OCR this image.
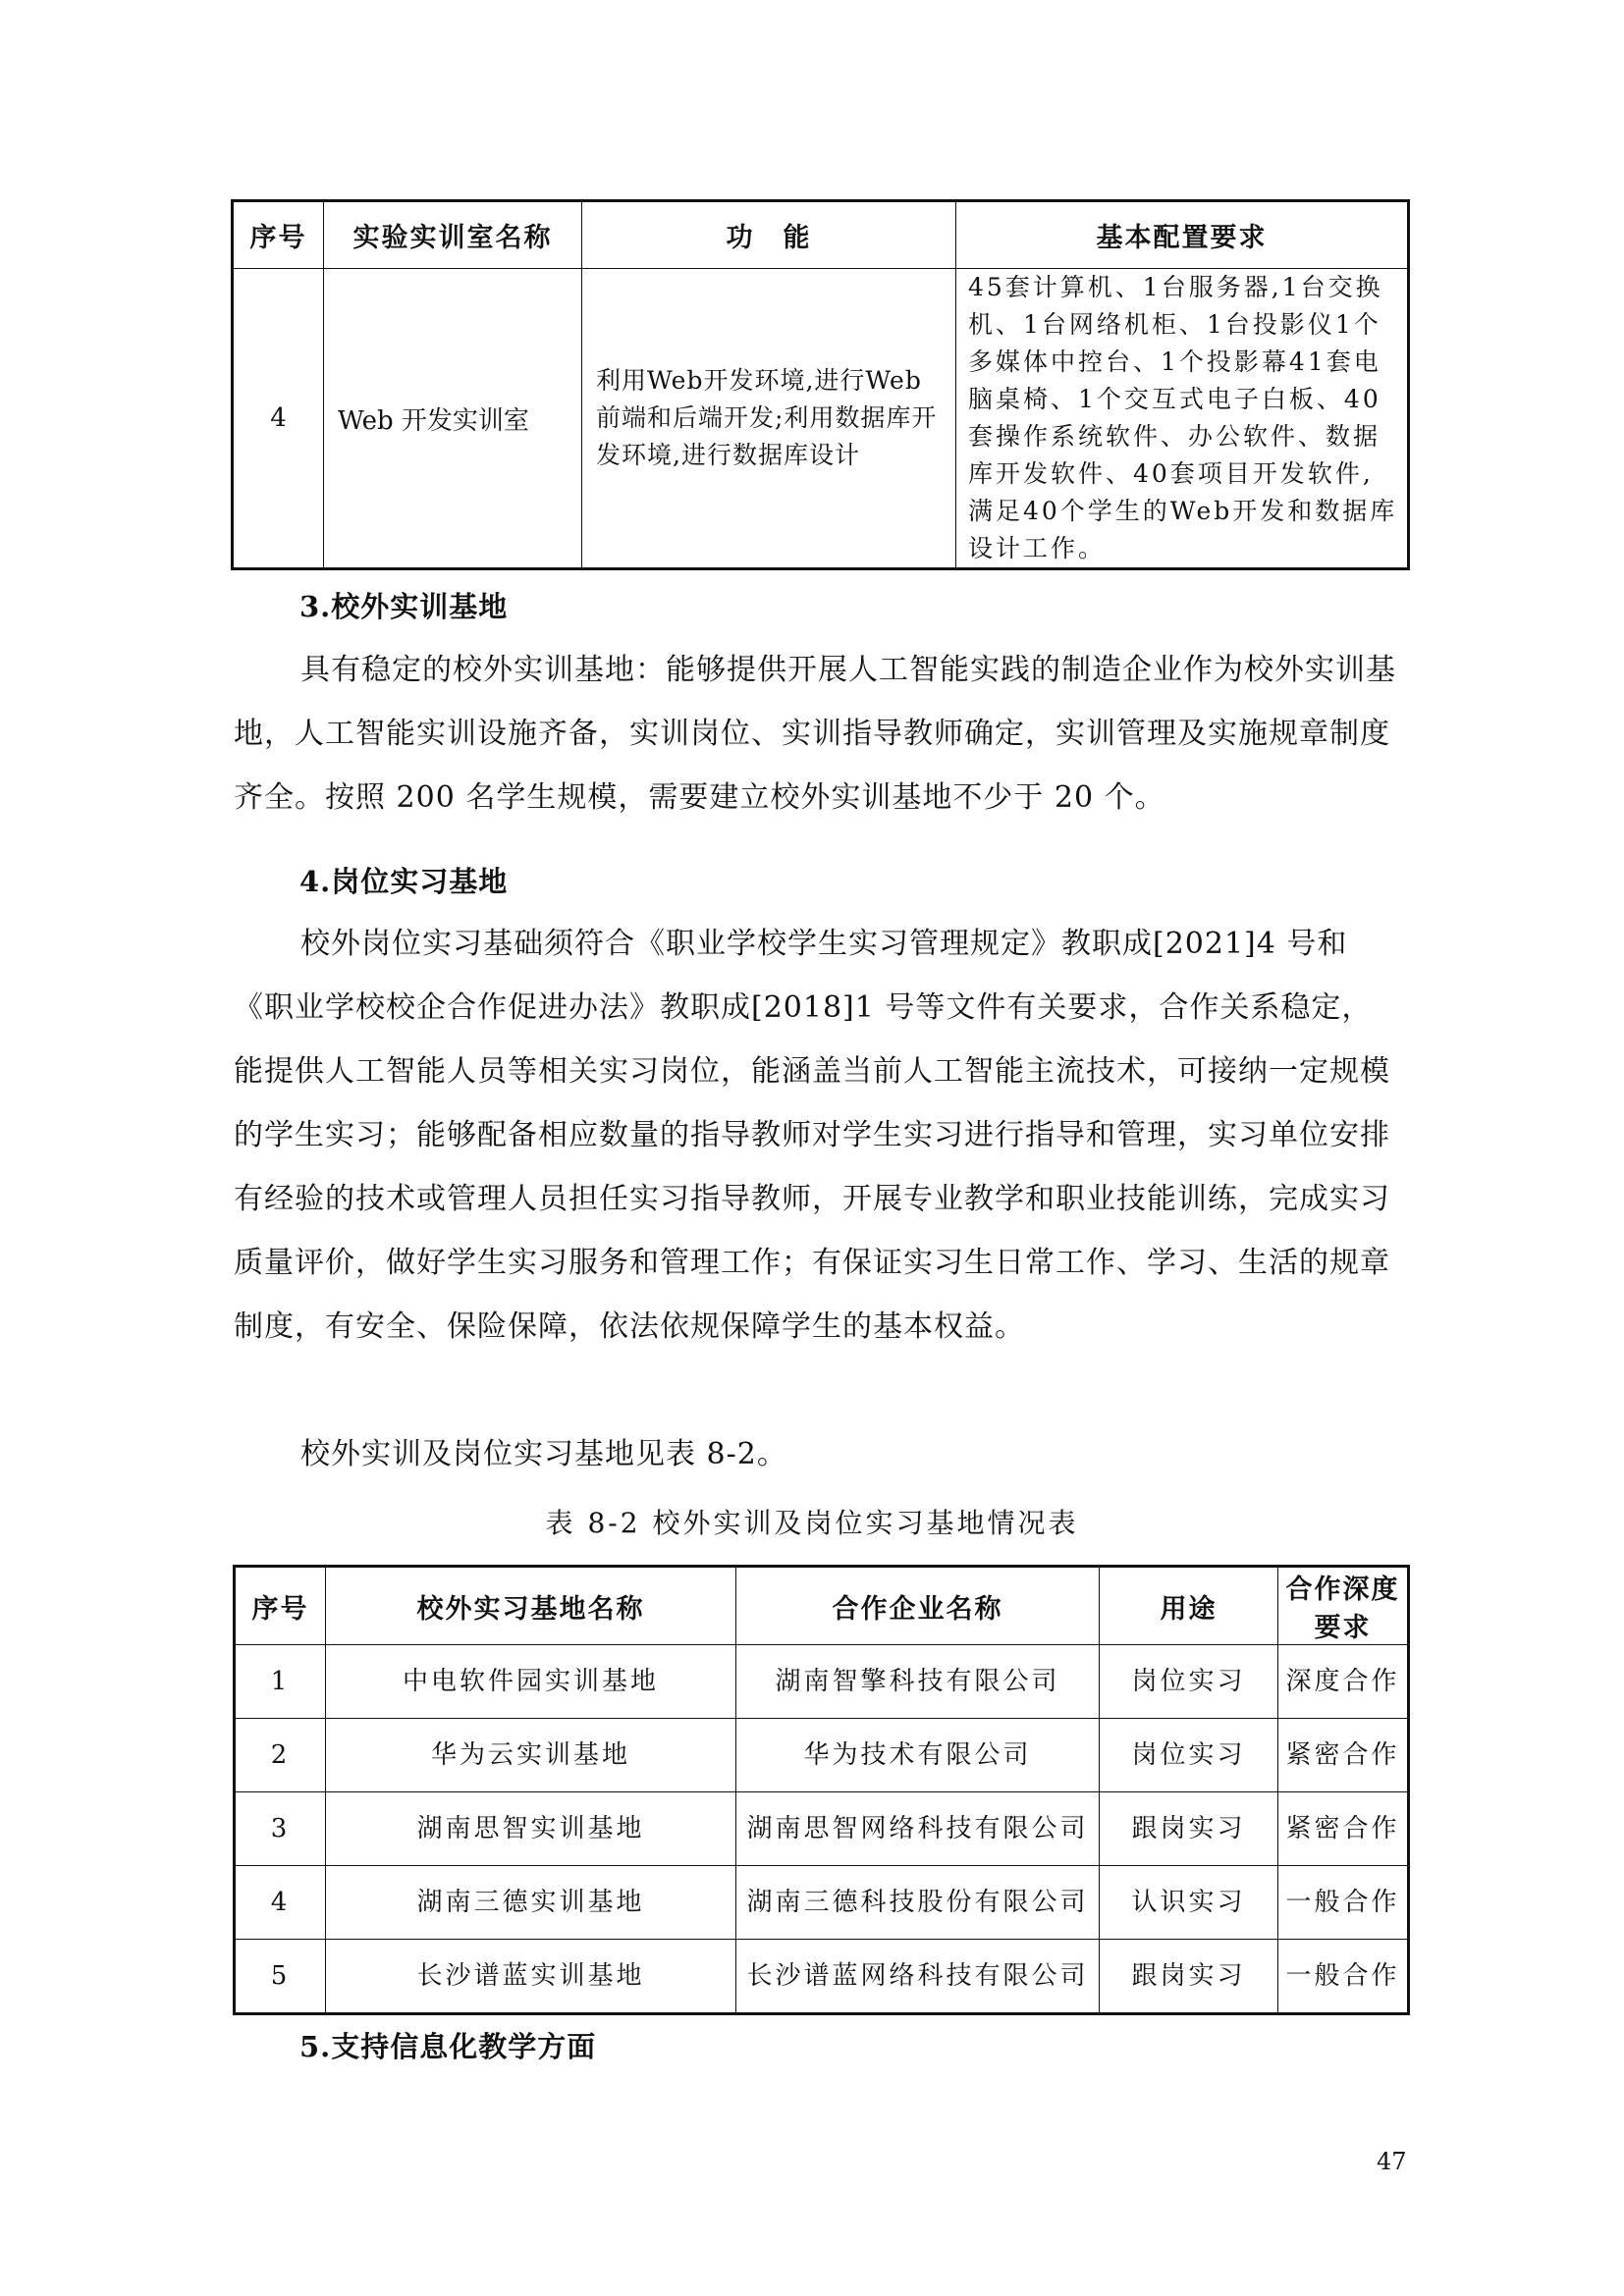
序号	实验实训室名称	功　能	基本配置要求
4	Web 开发实训室	利用Web开发环境,进行Web前端和后端开发;利用数据库开发环境,进行数据库设计	45套计算机、1台服务器,1台交换机、1台网络机柜、1台投影仪1个多媒体中控台、1个投影幕41套电脑桌椅、1个交互式电子白板、40套操作系统软件、办公软件、数据库开发软件、40套项目开发软件,满足40个学生的Web开发和数据库设计工作。
3.校外实训基地
具有稳定的校外实训基地：能够提供开展人工智能实践的制造企业作为校外实训基地，人工智能实训设施齐备，实训岗位、实训指导教师确定，实训管理及实施规章制度齐全。按照 200 名学生规模，需要建立校外实训基地不少于 20 个。
4.岗位实习基地
校外岗位实习基础须符合《职业学校学生实习管理规定》教职成[2021]4 号和《职业学校校企合作促进办法》教职成[2018]1 号等文件有关要求，合作关系稳定，能提供人工智能人员等相关实习岗位，能涵盖当前人工智能主流技术，可接纳一定规模的学生实习；能够配备相应数量的指导教师对学生实习进行指导和管理，实习单位安排有经验的技术或管理人员担任实习指导教师，开展专业教学和职业技能训练，完成实习质量评价，做好学生实习服务和管理工作；有保证实习生日常工作、学习、生活的规章制度，有安全、保险保障，依法依规保障学生的基本权益。
校外实训及岗位实习基地见表 8-2。
表 8-2 校外实训及岗位实习基地情况表
序号	校外实习基地名称	合作企业名称	用途	合作深度要求
1	中电软件园实训基地	湖南智擎科技有限公司	岗位实习	深度合作
2	华为云实训基地	华为技术有限公司	岗位实习	紧密合作
3	湖南思智实训基地	湖南思智网络科技有限公司	跟岗实习	紧密合作
4	湖南三德实训基地	湖南三德科技股份有限公司	认识实习	一般合作
5	长沙谱蓝实训基地	长沙谱蓝网络科技有限公司	跟岗实习	一般合作
5.支持信息化教学方面
47
